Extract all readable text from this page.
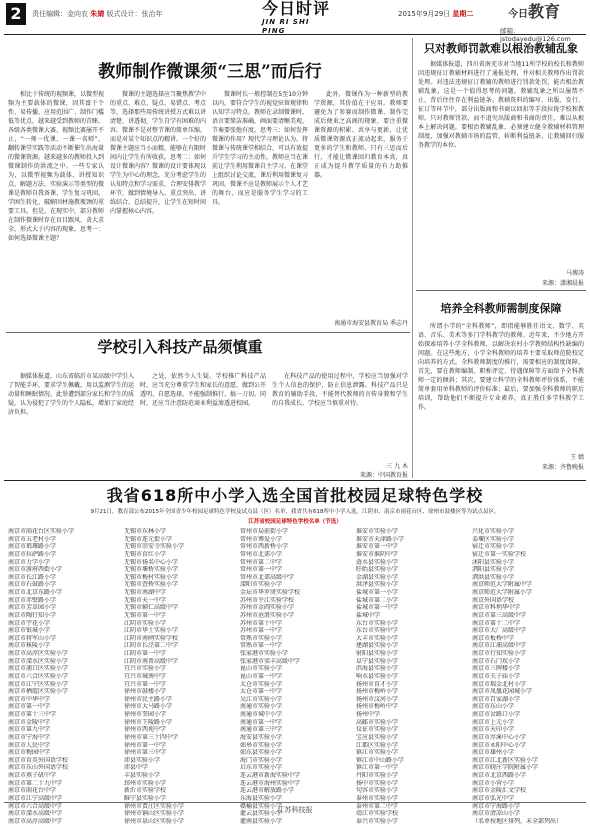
2	责任编辑：金向农 朱婧 版式设计：张治年	今日时评
JIN RI SHI PING
2015年9月29日 星期二	今日教育
邮箱：jstodayedu@126.com
教师制作微课须“三思”而后行

相比于传统的视频课，以微型视频为主要载体的微课，因其富于个性、易传播、应用范围广、制作门槛低等优点，越来越受到教师的青睐。各级各类微课大赛、视频比赛屡开不止，“一师一优课、一课一名师”、翻转课堂实践等活动不断催生出海量的微课资源。越来越多的教师投入到微课制作的洪流之中。一些专家认为，以微型视频为载体，讲授知识点、解题方法、实验演示等类型的微课是教师自我备课、学生复习巩固、学困生转化、破解因材施教瓶颈的重要工具。但是，在现实中，部分教师在制作微课时存在盲目跟风、贪大求全、形式大于内容的现象。思考一：如何选择微课主题？

微课的主题选择应当聚焦教学中的重点、难点、疑点、易错点、考点等，选择那些用传统讲授方式难以讲清楚、讲透彻，学生自学有困难的内容。微课不是对整节课的简单压缩，而是对某个知识点的精讲。一个好的微课主题应当小而精，能够在有限时间内让学生有所收获。思考二：如何设计微课内容？微课的设计要体现以学生为中心的理念，充分考虑学生的认知特点和学习需求，合理安排教学环节，做到情境导入、重点突出、讲练结合、总结提升，让学生在短时间内掌握核心内容。

微课时长一般控制在5至10分钟以内，要符合学生的视觉驻留规律和认知学习特点。教师在录制微课时，语言要简洁准确，画面要清晰美观，节奏要张弛有度。思考三：如何发挥微课的作用？现代学习理论认为，将微课与传统课堂相结合，可以有效提升学生学习的主动性。教师应当在课前让学生利用微课自主学习，在课堂上组织讨论交流，课后利用微课复习巩固。微课不应是教师展示个人才艺的舞台，而应是服务学生学习的工具。

此外，微课作为一种新型的教学资源，其价值在于应用。教师要避免为了参赛而制作微课、制作完成后便束之高阁的现象，要注重微课资源的积累、共享与更新，让优质微课资源真正流动起来，服务于更多的学生和教师。只有三思而后行，才能让微课回归教育本真，真正成为提升教学质量的有力助推器。

南通市海安县教育局 季志丹
学校引入科技产品须慎重

据媒体报道，山东省临沂市某高级中学引入了智能手环，要求学生佩戴，用以监测学生的运动量和睡眠情况。此举遭到部分家长和学生的质疑，认为侵犯了学生的个人隐私，增加了家庭经济负担。

之处，依然令人生疑。学校推广科技产品时，应当充分尊重学生和家长的意愿，做到公开透明、自愿选择，不能强制推行、搞一刀切。同时，还应当注意防范商业利益渗透进校园。

在科技产品的使用过程中，学校应当加强对学生个人信息的保护，防止信息泄露。科技产品只是教育的辅助手段，不能替代教师的言传身教和学生的自我成长。学校应当慎重对待。

三 九 木
来源：中国教育报
只对教师罚款难以根治教辅乱象

据媒体报道，四川省南充市对当地11所学校的校长和教师因违规征订教辅材料进行了通报处理，并对相关教师作出罚款处理。对违法违规征订教辅的教师进行罚款处罚，能否根治教辅乱象，这是一个值得思考的问题。教辅乱象之所以屡禁不止，背后往往存在利益链条。教辅资料的编写、出版、发行、征订等环节中，部分出版商和书商以回扣等手段拉拢学校和教师。只对教师罚款，而不追究出版商和书商的责任，难以从根本上解决问题。要根治教辅乱象，必须建立健全教辅材料管理制度，加强对教辅市场的监管，斩断利益链条，让教辅回归服务教学的本位。

马博涛
来源：潇湘晨报
培养全科教师需制度保障

所谓小学的“全科教师”，即指能够胜任语文、数学、英语、音乐、美术等多门学科教学的教师。近年来，不少地方开始探索培养小学全科教师，以解决农村小学教师结构性缺编的问题。在这些地方，小学全科教师的培养主要采取师范院校定向培养的方式。全科教师制度的推行，需要相应的制度保障。首先，要在教师编制、职称评定、待遇保障等方面给予全科教师一定的倾斜；其次，要建立科学的全科教师评价体系，不能简单套用单科教师的评价标准；最后，要加强全科教师的职后培训，帮助他们不断提升专业素养，真正胜任多学科教学工作。

王 婧
来源：齐鲁晚报
我省618所中小学入选全国首批校园足球特色学校
9月21日，教育部公布2015年全国青少年校园足球特色学校及试点县（区）名单，我省共有618所中小学入选。江阴市、南京市雨花台区、徐州市鼓楼区等为试点县区。
江苏省校园足球特色学校名单（节选）
南京市雨花台区实验小学
南京市五老村小学
南京市琅琊路小学
南京市拉萨路小学
南京市力学小学
南京市游府西街小学
南京市长江路小学
南京市石鼓路小学
南京市北京东路小学
南京市赤壁路小学
南京市芳草园小学
南京市陶行知小学
南京市宇花小学
南京市银城小学
南京市将军山小学
南京市秣陵小学
南京市高淳区实验小学
南京市溧水区实验小学
南京市浦口区实验小学
南京市六合区实验小学
南京市江宁区实验小学
南京市栖霞区实验小学
南京市中华中学
南京市第一中学
南京市第十三中学
南京市金陵中学
南京市第九中学
南京市宁海中学
南京市人民中学
南京市梅园中学
南京市育英外国语学校
南京市东山外国语学校
南京市燕子矶中学
南京市第二十九中学
南京市雨花台中学
南京市江宁高级中学
南京市六合高级中学
南京市溧水高级中学
南京市高淳高级中学
无锡市东林小学
无锡市连元街小学
无锡市崇安寺实验小学
无锡市育红小学
无锡市扬名中心小学
无锡市堰桥实验小学
无锡市梅村实验小学
无锡市查桥实验小学
无锡市南湖中学
无锡市天一中学
无锡市辅仁高级中学
无锡市第一中学
江阴市实验小学
江阴市华士实验小学
江阴市南闸实验学校
江阴市长泾第二中学
江阴市第一中学
江阴市南菁高级中学
宜兴市实验小学
宜兴市城南中学
宜兴市第一中学
徐州市鼓楼小学
徐州市民主路小学
徐州市大马路小学
徐州市奎园小学
徐州市王陵路小学
徐州市西苑中学
徐州市第三十四中学
徐州市第一中学
徐州市第三中学
沛县实验小学
沛县中学
丰县实验小学
邳州市实验小学
新沂市实验学校
睢宁县实验小学
徐州市贾汪区实验小学
徐州市铜山区实验小学
徐州市泉山区实验小学
常州市局前街小学
常州市博爱小学
常州市西新桥小学
常州市北郊小学
常州市第二中学
常州市第一中学
常州市北郊高级中学
溧阳市实验小学
金坛市华罗庚实验学校
苏州市平江实验学校
苏州市金阊实验小学
苏州市沧浪实验小学
苏州市第十中学
苏州市第一中学
常熟市实验小学
常熟市第一中学
张家港市实验小学
张家港市梁丰高级中学
昆山市实验小学
昆山市第一中学
太仓市实验小学
太仓市第一中学
吴江市实验小学
南通市实验小学
南通市城中小学
南通市第一中学
南通市第三中学
海安县实验小学
如皋市实验小学
如东县实验小学
海门市实验小学
启东市实验小学
连云港市新海实验中学
连云港市海州实验中学
连云港市解放路小学
东海县实验小学
赣榆县实验小学
灌云县实验小学
灌南县实验小学
淮安市实验小学
淮安市天津路小学
淮安市第一中学
淮安市淮阴中学
涟水县实验小学
盱眙县实验小学
金湖县实验小学
洪泽县实验小学
盐城市第一小学
盐城市第二小学
盐城市第一中学
盐城中学
东台市实验小学
东台市实验中学
大丰市实验小学
建湖县实验小学
射阳县实验小学
阜宁县实验小学
滨海县实验小学
响水县实验小学
扬州市育才小学
扬州市梅岭小学
扬州市汶河小学
扬州市梅岭中学
扬州中学
高邮市实验小学
仪征市实验小学
宝应县实验小学
江都区实验小学
镇江市实验小学
镇江市中山路小学
镇江市第一中学
丹阳市实验小学
扬中市实验小学
句容市实验小学
泰州市实验小学
泰州市第二中学
靖江市实验学校
泰兴市实验小学
兴化市实验小学
姜堰区实验小学
宿迁市实验小学
宿迁市第一实验学校
沭阳县实验小学
泗阳县实验小学
泗洪县实验小学
南京师范大学附属中学
南京师范大学附属小学
南京外国语学校
南京市科利华中学
南京市第三高级中学
南京市第十二中学
南京市大厂高级中学
南京市板桥中学
南京市江浦高级中学
南京市行知实验小学
南京市石门坎小学
南京市三牌楼小学
南京市夫子庙小学
南京市瑞金北村小学
南京市凤凰花园城小学
南京市百家湖小学
南京市东山小学
南京市岔路口小学
南京市上元小学
南京市天印小学
南京市淳溪中心小学
南京市永阳中心小学
南京市雄州小学
南京市江北新区实验小学
南京市晓庄学院附属小学
南京市北京西路小学
南京市小营小学
南京市金陵汇文学校
南京市弘光中学
南京市宁海路小学
南京市清凉山小学
（名单按地区排列，未全部列出）
江苏科技报
